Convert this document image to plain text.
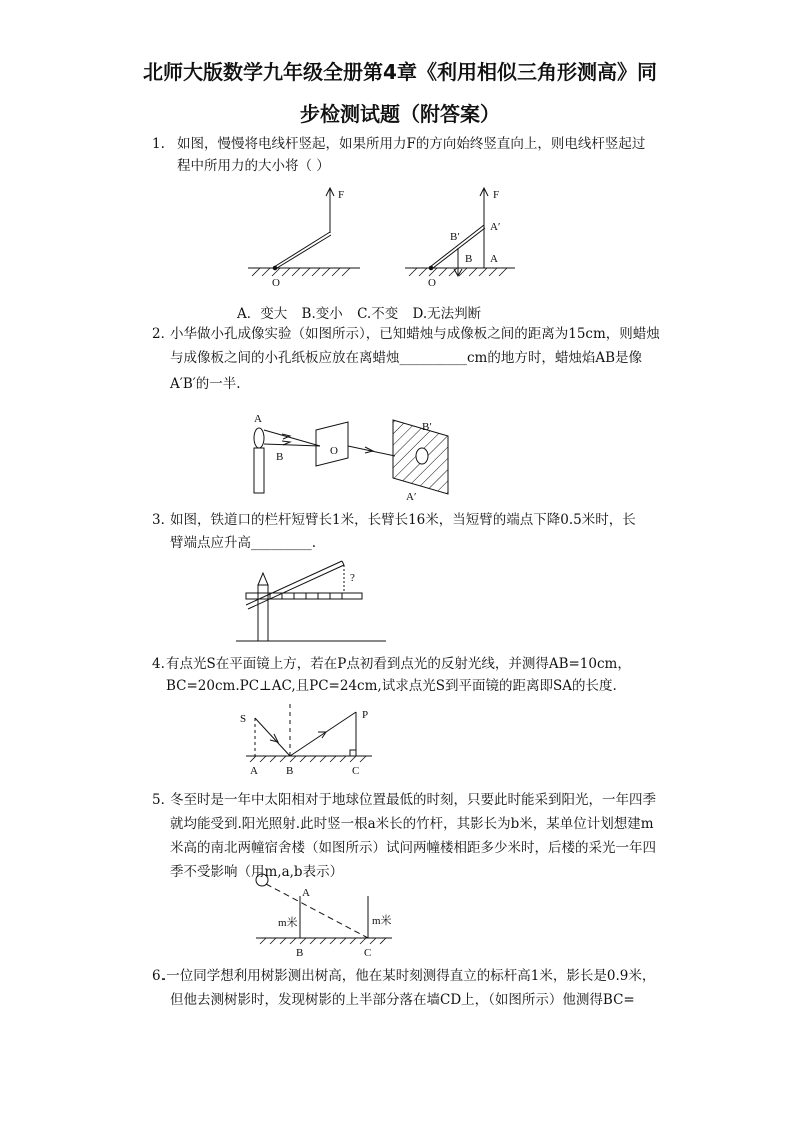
北师大版数学九年级全册第4章《利用相似三角形测高》同
步检测试题（附答案）
1. 如图，慢慢将电线杆竖起，如果所用力F的方向始终竖直向上，则电线杆竖起过
程中所用力的大小将（ ）
F
O
F
B′
A′
B A
O
A．变大 B.变小 C.不变 D.无法判断
2．
小华做小孔成像实验（如图所示），已知蜡烛与成像板之间的距离为15cm，则蜡烛
与成像板之间的小孔纸板应放在离蜡烛__________cm的地方时，蜡烛焰AB是像
A′B′的一半.
A
B	O
B′
A′
3．
如图，铁道口的栏杆短臂长1米，长臂长16米，当短臂的端点下降0.5米时，长
臂端点应升高_________.
?
4. 有点光S在平面镜上方，若在P点初看到点光的反射光线，并测得AB=10cm，
BC=20cm.PC⊥AC,且PC=24cm,试求点光S到平面镜的距离即SA的长度.
S	P
A	B	C
5．
冬至时是一年中太阳相对于地球位置最低的时刻，只要此时能采到阳光，一年四季
就均能受到.阳光照射.此时竖一根a米长的竹杆，其影长为b米，某单位计划想建m
米高的南北两幢宿舍楼（如图所示）试问两幢楼相距多少米时，后楼的采光一年四
季不受影响（用m,a,b表示）
A
m米	m米
B	C
6.
.一位同学想利用树影测出树高，他在某时刻测得直立的标杆高1米，影长是0.9米，
但他去测树影时，发现树影的上半部分落在墙CD上，（如图所示）他测得BC=
